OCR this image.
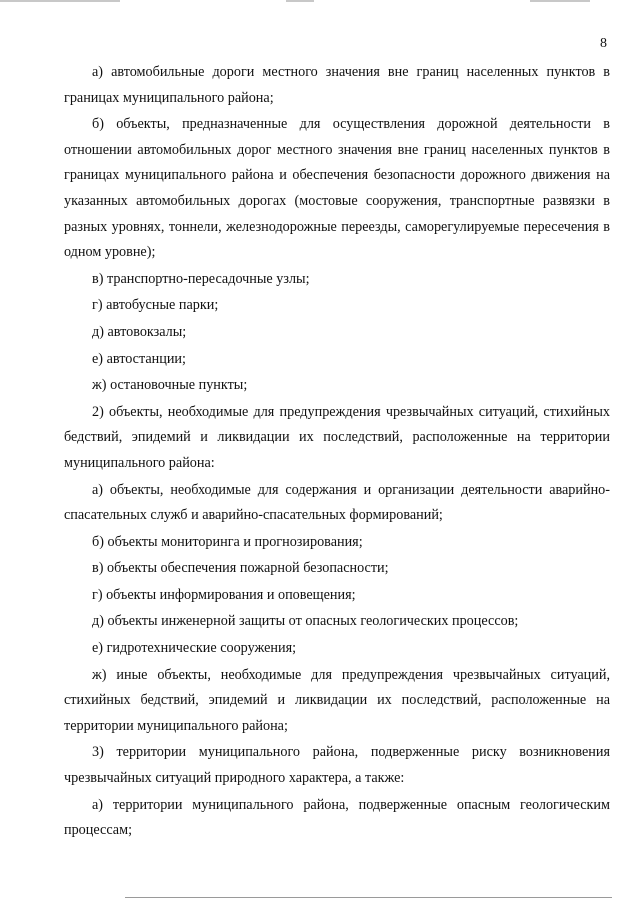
8

а) автомобильные дороги местного значения вне границ населенных пунктов в границах муниципального района;

б) объекты, предназначенные для осуществления дорожной деятельности в отношении автомобильных дорог местного значения вне границ населенных пунктов в границах муниципального района и обеспечения безопасности дорожного движения на указанных автомобильных дорогах (мостовые сооружения, транспортные развязки в разных уровнях, тоннели, железнодорожные переезды, саморегулируемые пересечения в одном уровне);

в) транспортно-пересадочные узлы;

г) автобусные парки;

д) автовокзалы;

е) автостанции;

ж) остановочные пункты;

2) объекты, необходимые для предупреждения чрезвычайных ситуаций, стихийных бедствий, эпидемий и ликвидации их последствий, расположенные на территории муниципального района:

а) объекты, необходимые для содержания и организации деятельности аварийно-спасательных служб и аварийно-спасательных формирований;

б) объекты мониторинга и прогнозирования;

в) объекты обеспечения пожарной безопасности;

г) объекты информирования и оповещения;

д) объекты инженерной защиты от опасных геологических процессов;

е) гидротехнические сооружения;

ж) иные объекты, необходимые для предупреждения чрезвычайных ситуаций, стихийных бедствий, эпидемий и ликвидации их последствий, расположенные на территории муниципального района;

3) территории муниципального района, подверженные риску возникновения чрезвычайных ситуаций природного характера, а также:

а) территории муниципального района, подверженные опасным геологическим процессам;
